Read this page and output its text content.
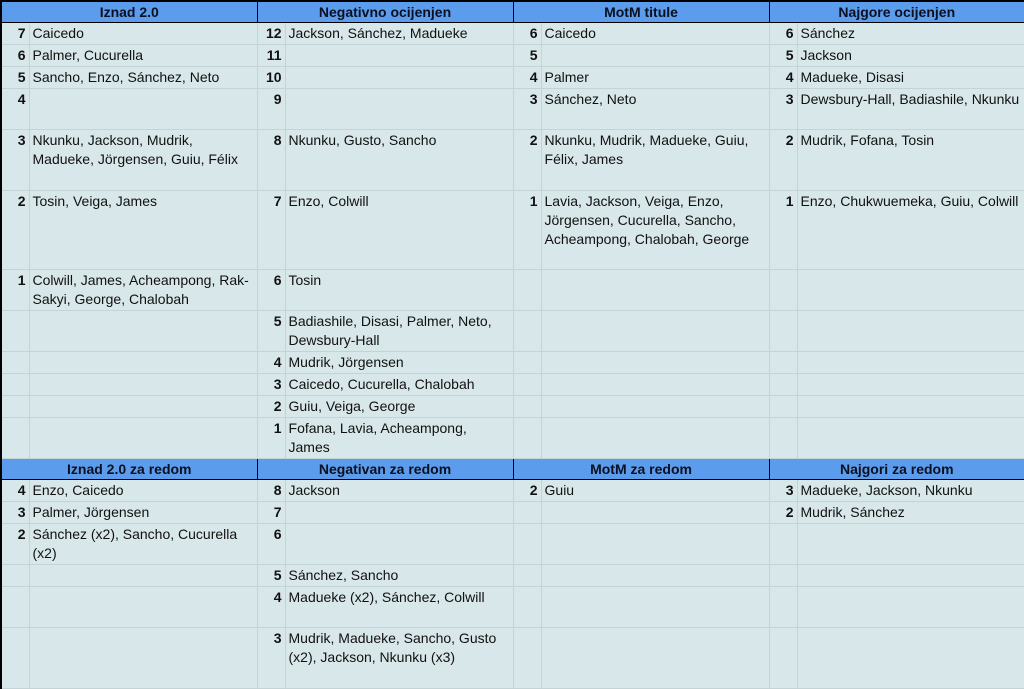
Iznad 2.0		Negativno ocijenjen		MotM titule		Najgore ocijenjen	
7	Caicedo	12	Jackson, Sánchez, Madueke	6	Caicedo	6	Sánchez
6	Palmer, Cucurella	11		5		5	Jackson
5	Sancho, Enzo, Sánchez, Neto	10		4	Palmer	4	Madueke, Disasi
4		9		3	Sánchez, Neto	3	Dewsbury-Hall, Badiashile, Nkunku
3	Nkunku, Jackson, Mudrik, Madueke, Jörgensen, Guiu, Félix	8	Nkunku, Gusto, Sancho	2	Nkunku, Mudrik, Madueke, Guiu, Félix, James	2	Mudrik, Fofana, Tosin
2	Tosin, Veiga, James	7	Enzo, Colwill	1	Lavia, Jackson, Veiga, Enzo, Jörgensen, Cucurella, Sancho, Acheampong, Chalobah, George	1	Enzo, Chukwuemeka, Guiu, Colwill
1	Colwill, James, Acheampong, Rak-Sakyi, George, Chalobah	6	Tosin				
		5	Badiashile, Disasi, Palmer, Neto, Dewsbury-Hall				
		4	Mudrik, Jörgensen				
		3	Caicedo, Cucurella, Chalobah				
		2	Guiu, Veiga, George				
		1	Fofana, Lavia, Acheampong, James				
Iznad 2.0 za redom		Negativan za redom		MotM za redom		Najgori za redom	
4	Enzo, Caicedo	8	Jackson	2	Guiu	3	Madueke, Jackson, Nkunku
3	Palmer, Jörgensen	7				2	Mudrik, Sánchez
2	Sánchez (x2), Sancho, Cucurella (x2)	6					
		5	Sánchez, Sancho				
		4	Madueke (x2), Sánchez, Colwill				
		3	Mudrik, Madueke, Sancho, Gusto (x2), Jackson, Nkunku (x3)				
